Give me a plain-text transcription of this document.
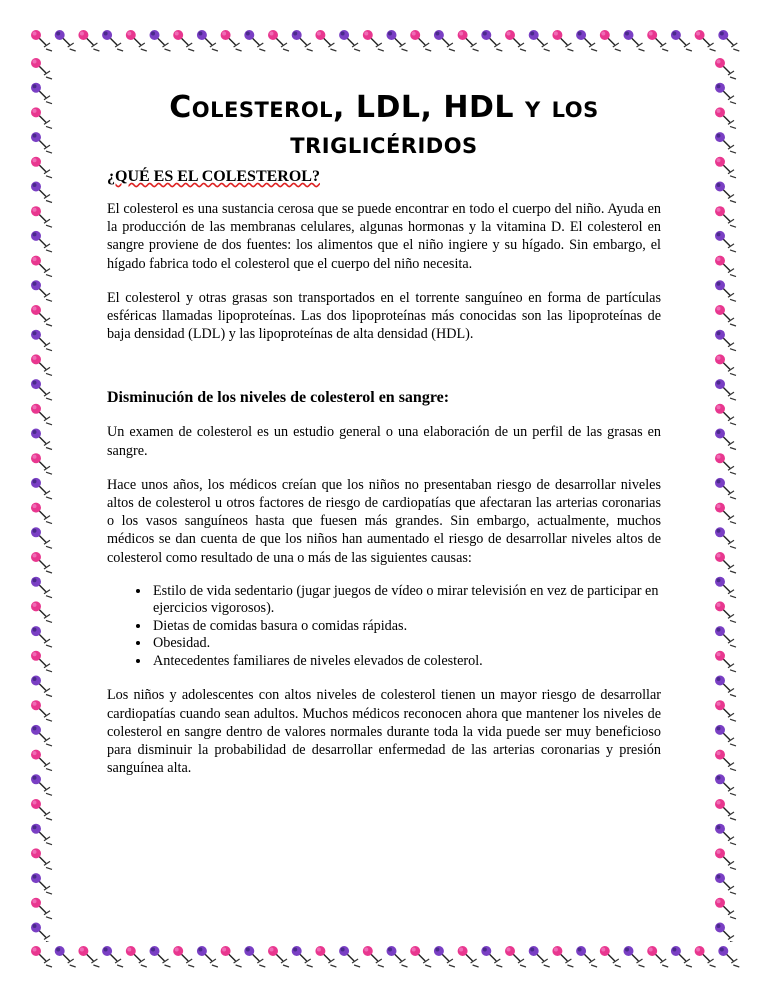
Colesterol, LDL, HDL y los
triglicéridos
¿QUÉ ES EL COLESTEROL?

El colesterol es una sustancia cerosa que se puede encontrar en todo el cuerpo del niño. Ayuda en la producción de las membranas celulares, algunas hormonas y la vitamina D. El colesterol en sangre proviene de dos fuentes: los alimentos que el niño ingiere y su hígado. Sin embargo, el hígado fabrica todo el colesterol que el cuerpo del niño necesita.

El colesterol y otras grasas son transportados en el torrente sanguíneo en forma de partículas esféricas llamadas lipoproteínas. Las dos lipoproteínas más conocidas son las lipoproteínas de baja densidad (LDL) y las lipoproteínas de alta densidad (HDL).

Disminución de los niveles de colesterol en sangre:

Un examen de colesterol es un estudio general o una elaboración de un perfil de las grasas en sangre.

Hace unos años, los médicos creían que los niños no presentaban riesgo de desarrollar niveles altos de colesterol u otros factores de riesgo de cardiopatías que afectaran las arterias coronarias o los vasos sanguíneos hasta que fuesen más grandes. Sin embargo, actualmente, muchos médicos se dan cuenta de que los niños han aumentado el riesgo de desarrollar niveles altos de colesterol como resultado de una o más de las siguientes causas:

• Estilo de vida sedentario (jugar juegos de vídeo o mirar televisión en vez de participar en ejercicios vigorosos).
• Dietas de comidas basura o comidas rápidas.
• Obesidad.
• Antecedentes familiares de niveles elevados de colesterol.

Los niños y adolescentes con altos niveles de colesterol tienen un mayor riesgo de desarrollar cardiopatías cuando sean adultos. Muchos médicos reconocen ahora que mantener los niveles de colesterol en sangre dentro de valores normales durante toda la vida puede ser muy beneficioso para disminuir la probabilidad de desarrollar enfermedad de las arterias coronarias y presión sanguínea alta.
